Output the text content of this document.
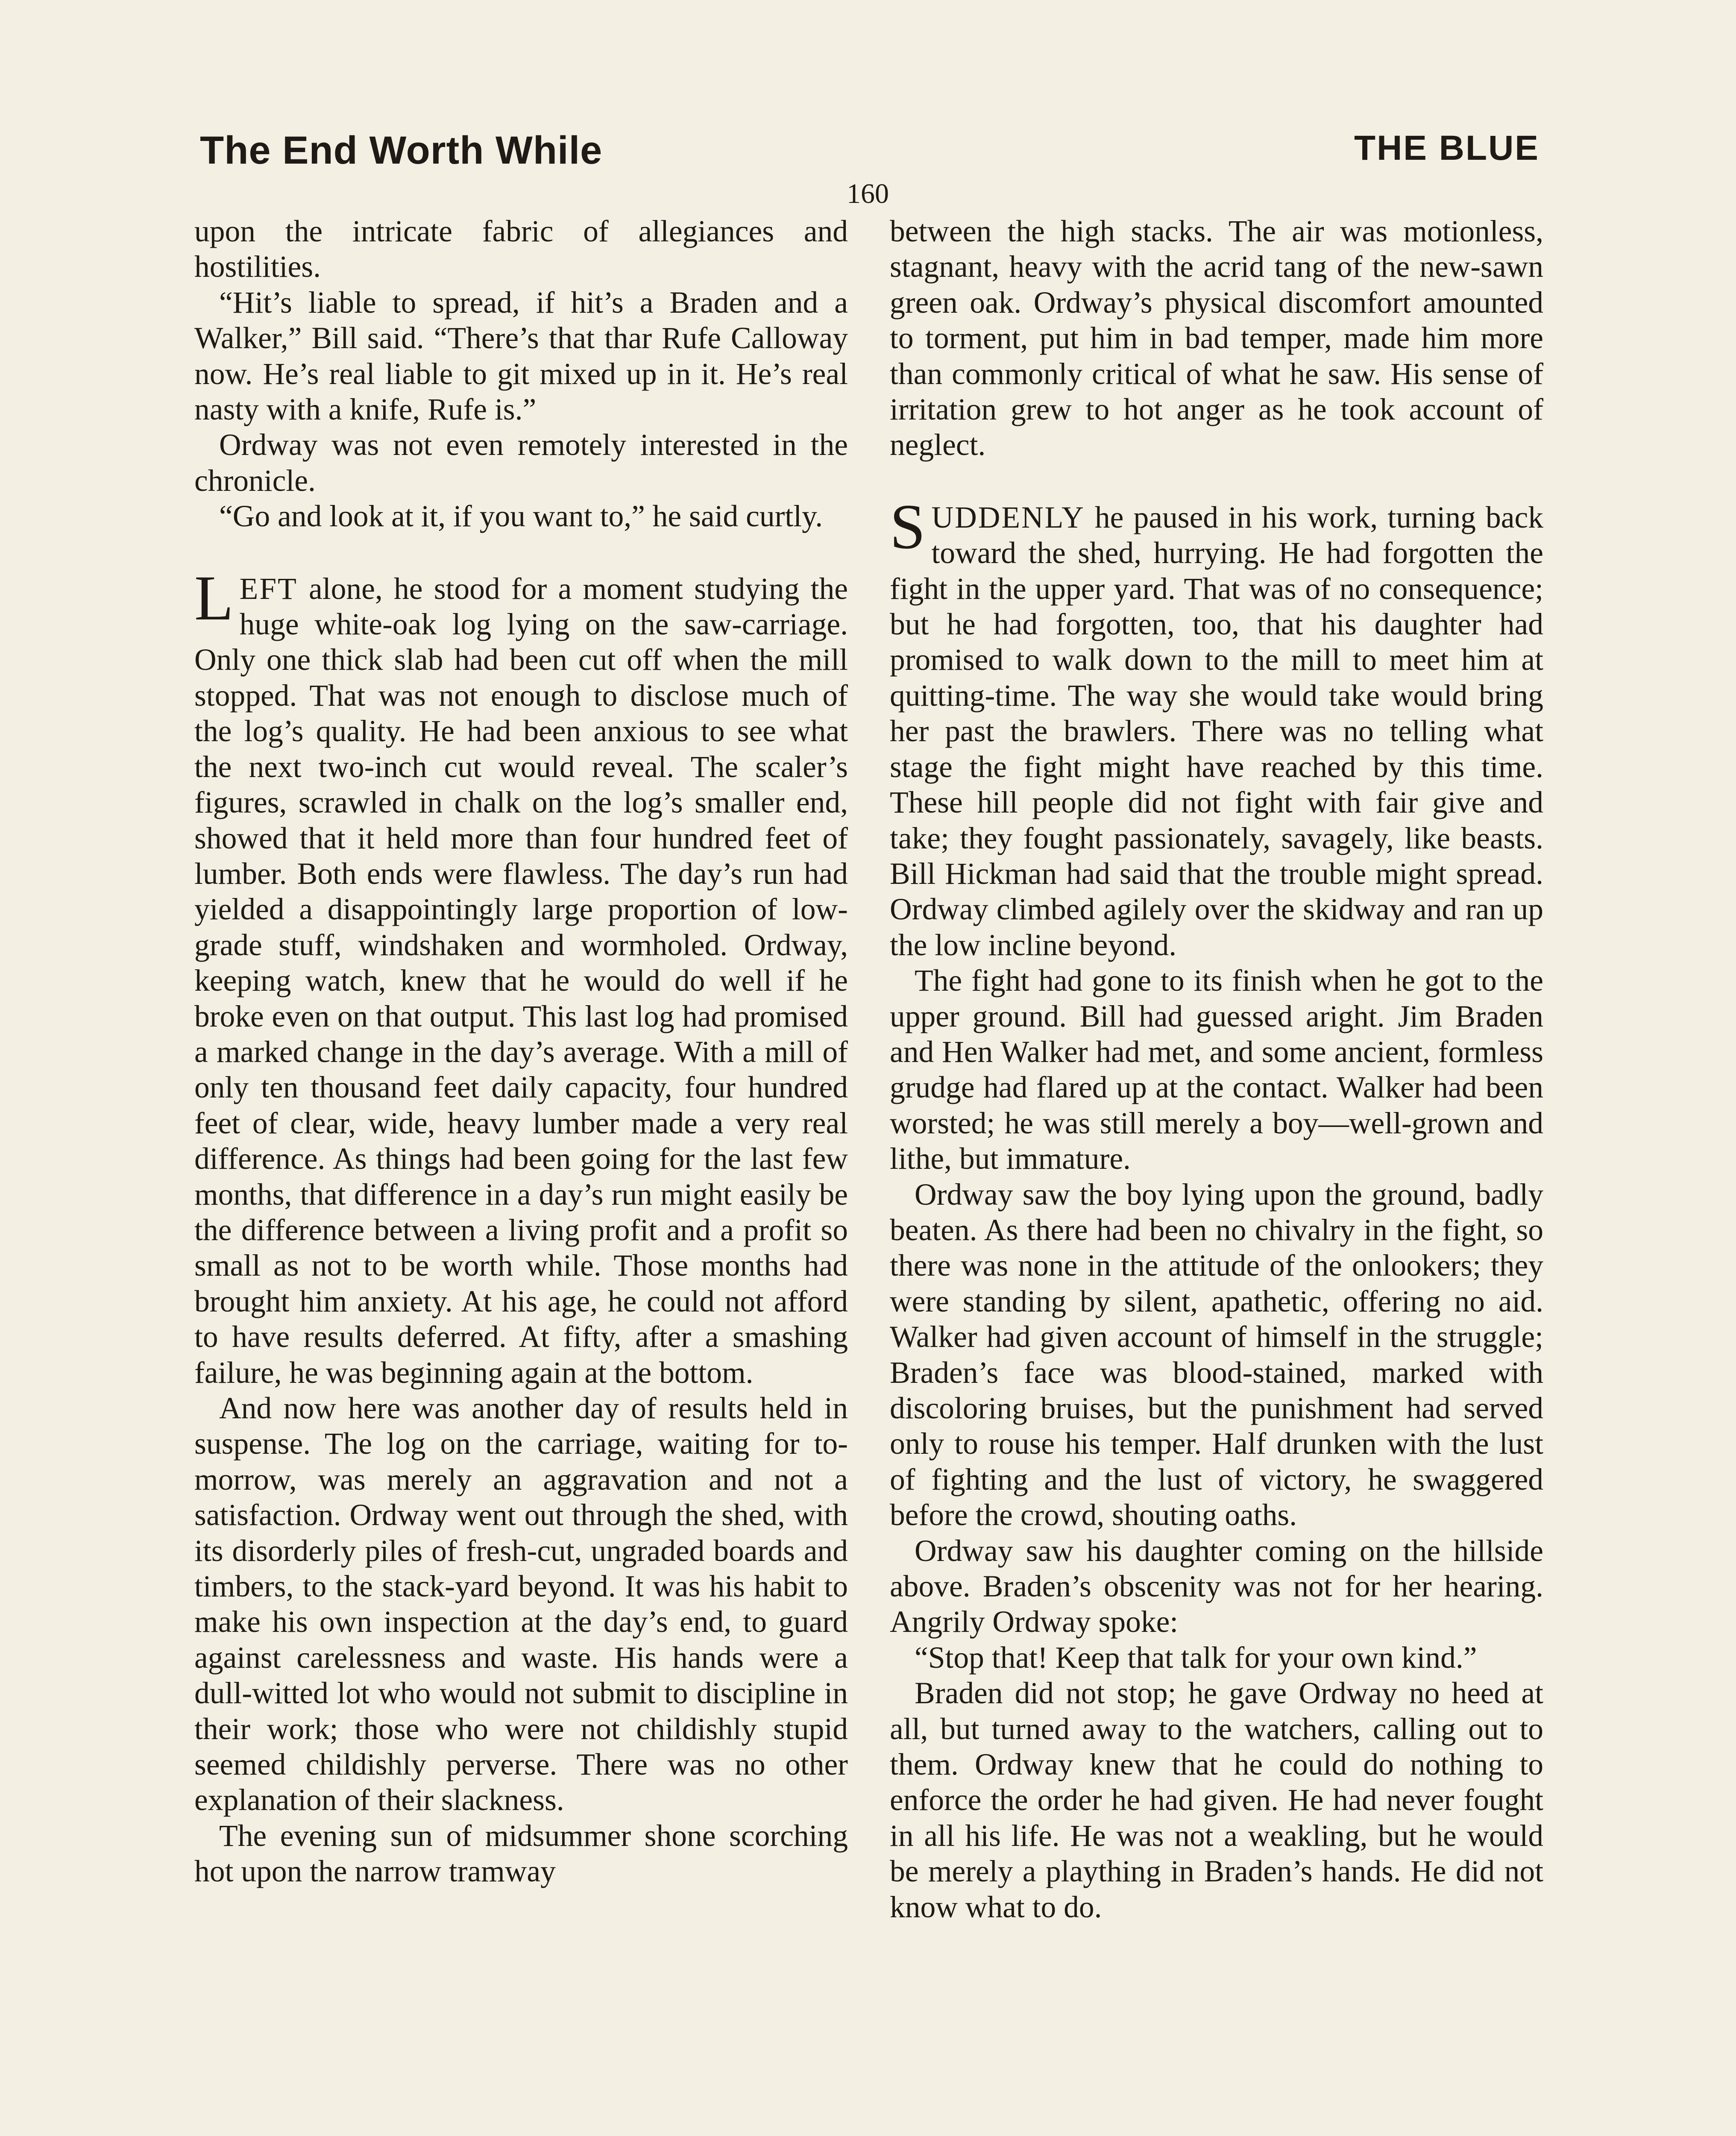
The End Worth While	THE BLUE
160

upon the intricate fabric of allegiances and hostilities.

“Hit’s liable to spread, if hit’s a Braden and a Walker,” Bill said. “There’s that thar Rufe Calloway now. He’s real liable to git mixed up in it. He’s real nasty with a knife, Rufe is.”

Ordway was not even remotely interested in the chronicle.

“Go and look at it, if you want to,” he said curtly.

LEFT alone, he stood for a moment studying the huge white-oak log lying on the saw-carriage. Only one thick slab had been cut off when the mill stopped. That was not enough to disclose much of the log’s quality. He had been anxious to see what the next two-inch cut would reveal. The scaler’s figures, scrawled in chalk on the log’s smaller end, showed that it held more than four hundred feet of lumber. Both ends were flawless. The day’s run had yielded a disappointingly large proportion of low-grade stuff, windshaken and wormholed. Ordway, keeping watch, knew that he would do well if he broke even on that output. This last log had promised a marked change in the day’s average. With a mill of only ten thousand feet daily capacity, four hundred feet of clear, wide, heavy lumber made a very real difference. As things had been going for the last few months, that difference in a day’s run might easily be the difference between a living profit and a profit so small as not to be worth while. Those months had brought him anxiety. At his age, he could not afford to have results deferred. At fifty, after a smashing failure, he was beginning again at the bottom.

And now here was another day of results held in suspense. The log on the carriage, waiting for to-morrow, was merely an aggravation and not a satisfaction. Ordway went out through the shed, with its disorderly piles of fresh-cut, ungraded boards and timbers, to the stack-yard beyond. It was his habit to make his own inspection at the day’s end, to guard against carelessness and waste. His hands were a dull-witted lot who would not submit to discipline in their work; those who were not childishly stupid seemed childishly perverse. There was no other explanation of their slackness.

The evening sun of midsummer shone scorching hot upon the narrow tramway

between the high stacks. The air was motionless, stagnant, heavy with the acrid tang of the new-sawn green oak. Ordway’s physical discomfort amounted to torment, put him in bad temper, made him more than commonly critical of what he saw. His sense of irritation grew to hot anger as he took account of neglect.

SUDDENLY he paused in his work, turning back toward the shed, hurrying. He had forgotten the fight in the upper yard. That was of no consequence; but he had forgotten, too, that his daughter had promised to walk down to the mill to meet him at quitting-time. The way she would take would bring her past the brawlers. There was no telling what stage the fight might have reached by this time. These hill people did not fight with fair give and take; they fought passionately, savagely, like beasts. Bill Hickman had said that the trouble might spread. Ordway climbed agilely over the skidway and ran up the low incline beyond.

The fight had gone to its finish when he got to the upper ground. Bill had guessed aright. Jim Braden and Hen Walker had met, and some ancient, formless grudge had flared up at the contact. Walker had been worsted; he was still merely a boy—well-grown and lithe, but immature.

Ordway saw the boy lying upon the ground, badly beaten. As there had been no chivalry in the fight, so there was none in the attitude of the onlookers; they were standing by silent, apathetic, offering no aid. Walker had given account of himself in the struggle; Braden’s face was blood-stained, marked with discoloring bruises, but the punishment had served only to rouse his temper. Half drunken with the lust of fighting and the lust of victory, he swaggered before the crowd, shouting oaths.

Ordway saw his daughter coming on the hillside above. Braden’s obscenity was not for her hearing. Angrily Ordway spoke:

“Stop that! Keep that talk for your own kind.”

Braden did not stop; he gave Ordway no heed at all, but turned away to the watchers, calling out to them. Ordway knew that he could do nothing to enforce the order he had given. He had never fought in all his life. He was not a weakling, but he would be merely a plaything in Braden’s hands. He did not know what to do.
